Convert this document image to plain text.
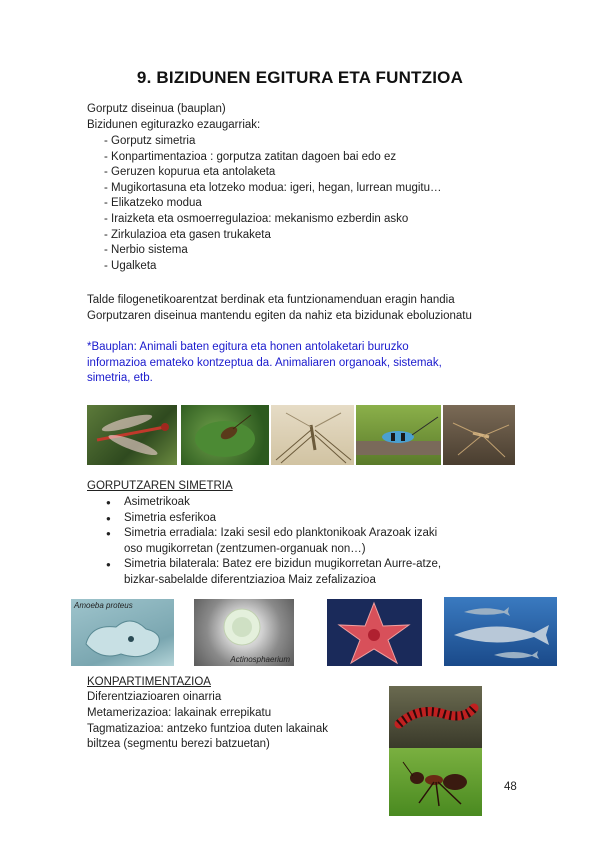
9. BIZIDUNEN EGITURA ETA FUNTZIOA
Gorputz diseinua (bauplan)
Bizidunen egiturazko ezaugarriak:
- Gorputz simetria
- Konpartimentazioa : gorputza zatitan dagoen bai edo ez
- Geruzen kopurua eta antolaketa
- Mugikortasuna eta lotzeko modua: igeri, hegan, lurrean mugitu…
- Elikatzeko modua
- Iraizketa eta osmoerregulazioa: mekanismo ezberdin asko
- Zirkulazioa eta gasen trukaketa
- Nerbio sistema
- Ugalketa
Talde filogenetikoarentzat berdinak eta funtzionamenduan eragin handia
Gorputzaren diseinua mantendu egiten da nahiz eta bizidunak eboluzionatu
*Bauplan: Animali baten egitura eta honen antolaketari buruzko
informazioa emateko kontzeptua da. Animaliaren organoak, sistemak,
simetria, etb.
GORPUTZAREN SIMETRIA
● Asimetrikoak
● Simetria esferikoa
● Simetria erradiala: Izaki sesil edo planktonikoak Arazoak izaki
oso mugikorretan (zentzumen-organuak non…)
● Simetria bilaterala: Batez ere bizidun mugikorretan Aurre-atze,
bizkar-sabelalde diferentziazioa Maiz zefalizazioa
Amoeba proteus
Actinosphaerium
KONPARTIMENTAZIOA
Diferentziazioaren oinarria
Metamerizazioa: lakainak errepikatu
Tagmatizazioa: antzeko funtzioa duten lakainak
biltzea (segmentu berezi batzuetan)
48
